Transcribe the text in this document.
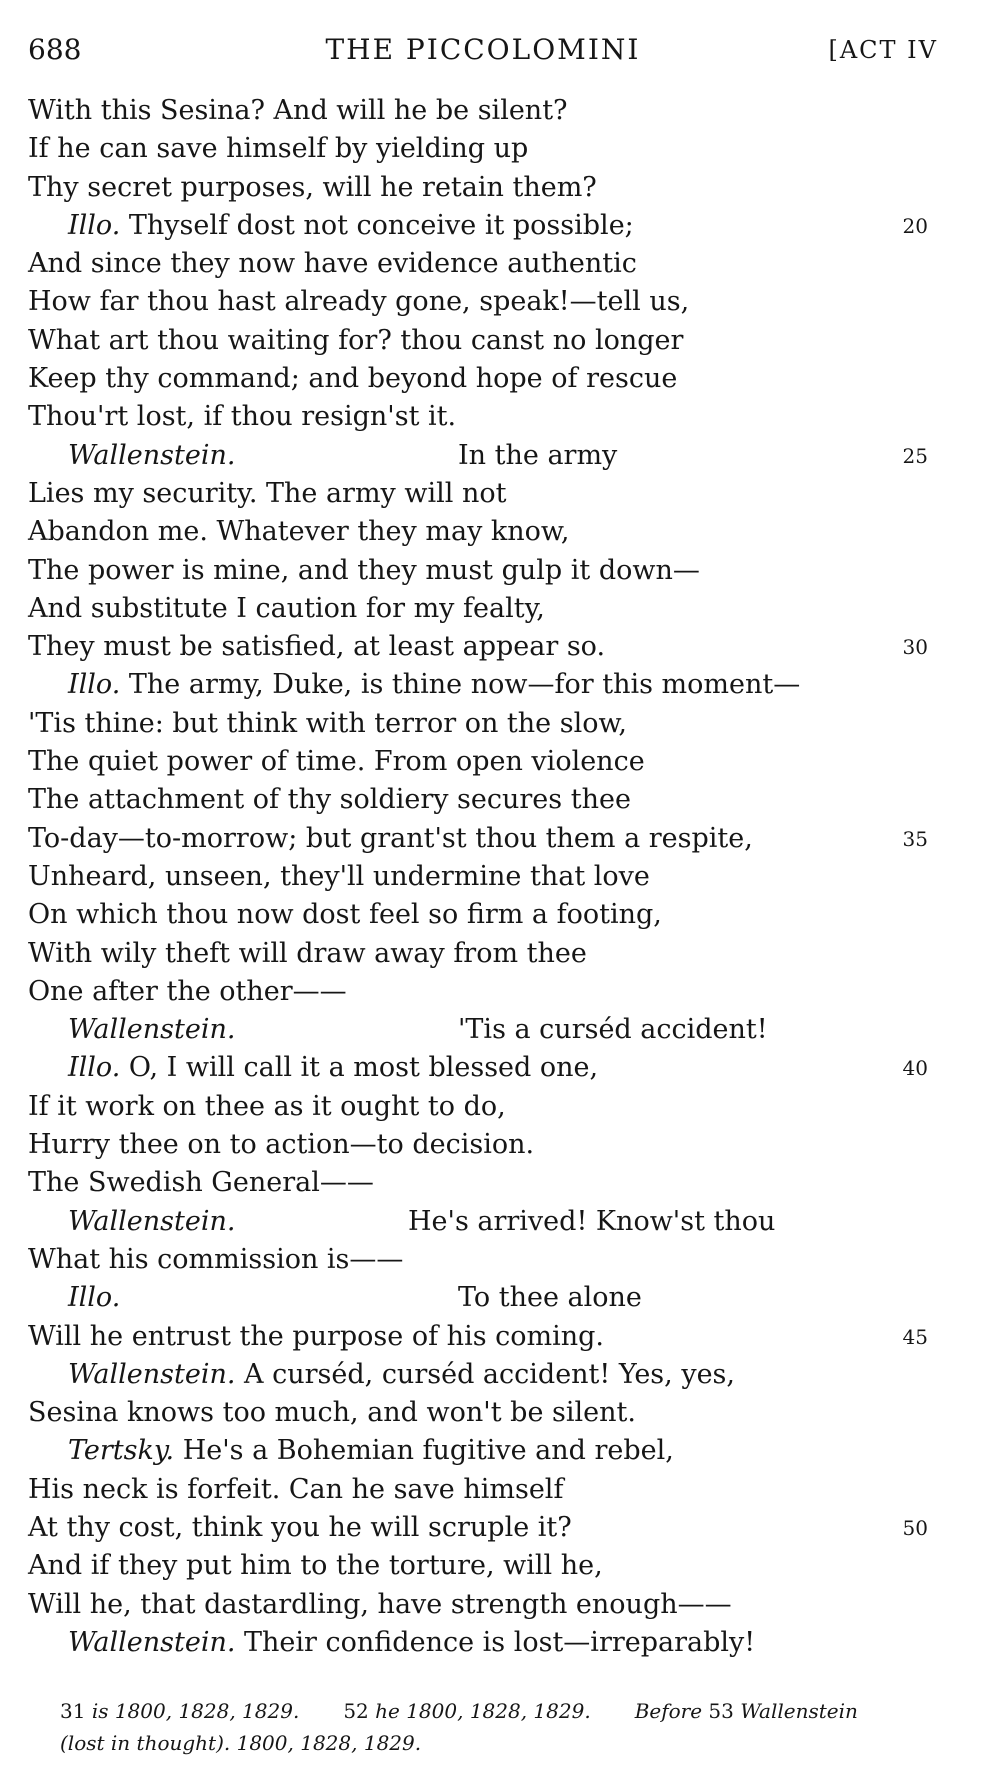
688	THE PICCOLOMINI	[ACT IV
With this Sesina? And will he be silent?
If he can save himself by yielding up
Thy secret purposes, will he retain them?
Illo. Thyself dost not conceive it possible;	20
And since they now have evidence authentic
How far thou hast already gone, speak!—tell us,
What art thou waiting for? thou canst no longer
Keep thy command; and beyond hope of rescue
Thou'rt lost, if thou resign'st it.
Wallenstein.	In the army	25
Lies my security. The army will not
Abandon me. Whatever they may know,
The power is mine, and they must gulp it down—
And substitute I caution for my fealty,
They must be satisfied, at least appear so.	30
Illo. The army, Duke, is thine now—for this moment—
'Tis thine: but think with terror on the slow,
The quiet power of time. From open violence
The attachment of thy soldiery secures thee
To-day—to-morrow; but grant'st thou them a respite,	35
Unheard, unseen, they'll undermine that love
On which thou now dost feel so firm a footing,
With wily theft will draw away from thee
One after the other——
Wallenstein.	'Tis a curséd accident!
Illo. O, I will call it a most blessed one,	40
If it work on thee as it ought to do,
Hurry thee on to action—to decision.
The Swedish General——
Wallenstein.	He's arrived! Know'st thou
What his commission is——
Illo.	To thee alone
Will he entrust the purpose of his coming.	45
Wallenstein. A curséd, curséd accident! Yes, yes,
Sesina knows too much, and won't be silent.
Tertsky. He's a Bohemian fugitive and rebel,
His neck is forfeit. Can he save himself
At thy cost, think you he will scruple it?	50
And if they put him to the torture, will he,
Will he, that dastardling, have strength enough——
Wallenstein. Their confidence is lost—irreparably!
31 is 1800, 1828, 1829. 52 he 1800, 1828, 1829. Before 53 Wallenstein
(lost in thought). 1800, 1828, 1829.
